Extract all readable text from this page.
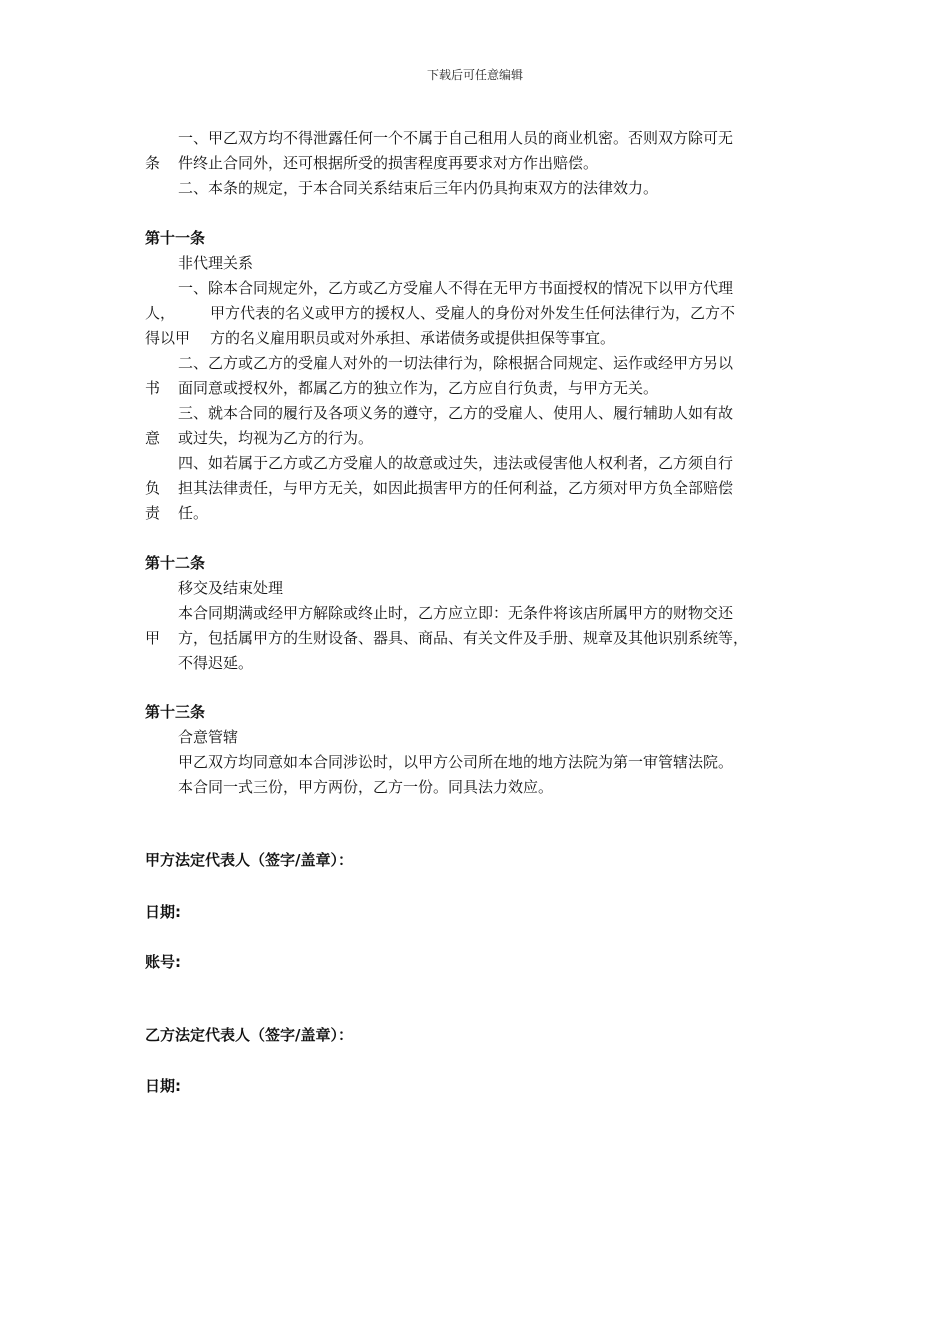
下载后可任意编辑
一、甲乙双方均不得泄露任何一个不属于自己租用人员的商业机密。否则双方除可无
条 件终止合同外，还可根据所受的损害程度再要求对方作出赔偿。
二、本条的规定，于本合同关系结束后三年内仍具拘束双方的法律效力。
第十一条
非代理关系
一、除本合同规定外，乙方或乙方受雇人不得在无甲方书面授权的情况下以甲方代理
人， 甲方代表的名义或甲方的援权人、受雇人的身份对外发生任何法律行为，乙方不
得以甲 方的名义雇用职员或对外承担、承诺债务或提供担保等事宜。
二、乙方或乙方的受雇人对外的一切法律行为，除根据合同规定、运作或经甲方另以
书 面同意或授权外，都属乙方的独立作为，乙方应自行负责，与甲方无关。
三、就本合同的履行及各项义务的遵守，乙方的受雇人、使用人、履行辅助人如有故
意 或过失，均视为乙方的行为。
四、如若属于乙方或乙方受雇人的故意或过失，违法或侵害他人权利者，乙方须自行
负 担其法律责任，与甲方无关，如因此损害甲方的任何利益，乙方须对甲方负全部赔偿
责 任。
第十二条
移交及结束处理
本合同期满或经甲方解除或终止时，乙方应立即：无条件将该店所属甲方的财物交还
甲 方，包括属甲方的生财设备、器具、商品、有关文件及手册、规章及其他识别系统等，
不得迟延。
第十三条
合意管辖
甲乙双方均同意如本合同涉讼时，以甲方公司所在地的地方法院为第一审管辖法院。
本合同一式三份，甲方两份，乙方一份。同具法力效应。
甲方法定代表人（签字/盖章）：
日期:
账号:
乙方法定代表人（签字/盖章）：
日期:
